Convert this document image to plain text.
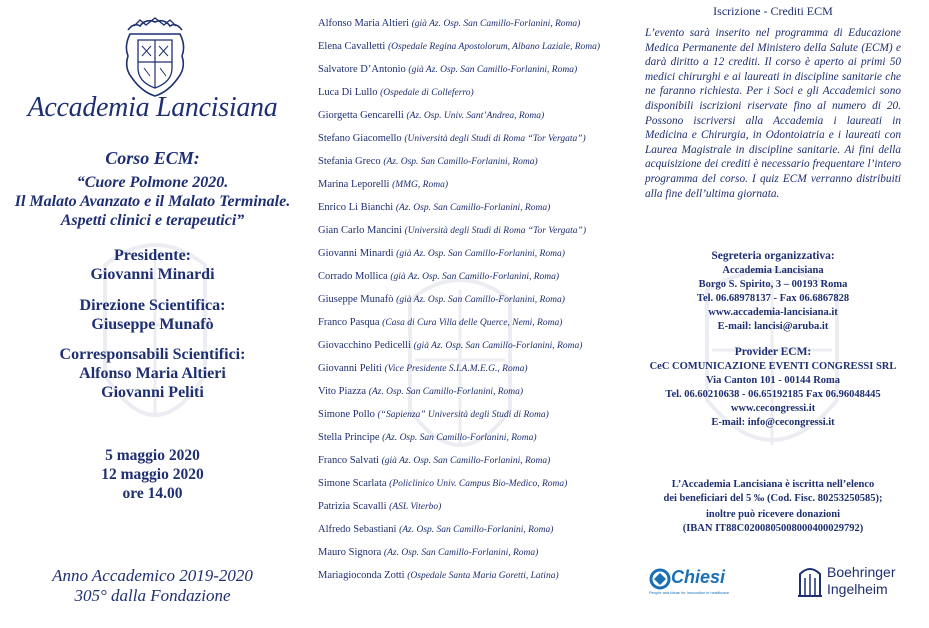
Accademia Lancisiana
Corso ECM:
“Cuore Polmone 2020.
Il Malato Avanzato e il Malato Terminale.
Aspetti clinici e terapeutici”
Presidente:
Giovanni Minardi
Direzione Scientifica:
Giuseppe Munafò
Corresponsabili Scientifici:
Alfonso Maria Altieri
Giovanni Peliti
5 maggio 2020
12 maggio 2020
ore 14.00
Anno Accademico 2019-2020
305° dalla Fondazione
Alfonso Maria Altieri (già Az. Osp. San Camillo-Forlanini, Roma)
Elena Cavalletti (Ospedale Regina Apostolorum, Albano Laziale, Roma)
Salvatore D’Antonio (già Az. Osp. San Camillo-Forlanini, Roma)
Luca Di Lullo (Ospedale di Colleferro)
Giorgetta Gencarelli (Az. Osp. Univ. Sant’Andrea, Roma)
Stefano Giacomello (Università degli Studi di Roma “Tor Vergata”)
Stefania Greco (Az. Osp. San Camillo-Forlanini, Roma)
Marina Leporelli (MMG, Roma)
Enrico Li Bianchi (Az. Osp. San Camillo-Forlanini, Roma)
Gian Carlo Mancini (Università degli Studi di Roma “Tor Vergata”)
Giovanni Minardi (già Az. Osp. San Camillo-Forlanini, Roma)
Corrado Mollica (già Az. Osp. San Camillo-Forlanini, Roma)
Giuseppe Munafò (già Az. Osp. San Camillo-Forlanini, Roma)
Franco Pasqua (Casa di Cura Villa delle Querce, Nemi, Roma)
Giovacchino Pedicelli (già Az. Osp. San Camillo-Forlanini, Roma)
Giovanni Peliti (Vice Presidente S.I.A.M.E.G., Roma)
Vito Piazza (Az. Osp. San Camillo-Forlanini, Roma)
Simone Pollo (“Sapienza” Università degli Studi di Roma)
Stella Principe (Az. Osp. San Camillo-Forlanini, Roma)
Franco Salvati (già Az. Osp. San Camillo-Forlanini, Roma)
Simone Scarlata (Policlinico Univ. Campus Bio-Medico, Roma)
Patrizia Scavalli (ASL Viterbo)
Alfredo Sebastiani (Az. Osp. San Camillo-Forlanini, Roma)
Mauro Signora (Az. Osp. San Camillo-Forlanini, Roma)
Mariagioconda Zotti (Ospedale Santa Maria Goretti, Latina)
Iscrizione - Crediti ECM
L’evento sarà inserito nel programma di Educazione Medica Permanente del Ministero della Salute (ECM) e darà diritto a 12 crediti. Il corso è aperto ai primi 50 medici chirurghi e ai laureati in discipline sanitarie che ne faranno richiesta. Per i Soci e gli Accademici sono disponibili iscrizioni riservate fino al numero di 20. Possono iscriversi alla Accademia i laureati in Medicina e Chirurgia, in Odontoiatria e i laureati con Laurea Magistrale in discipline sanitarie. Ai fini della acquisizione dei crediti è necessario frequentare l’intero programma del corso. I quiz ECM verranno distribuiti alla fine dell’ultima giornata.
Segreteria organizzativa:
Accademia Lancisiana
Borgo S. Spirito, 3 – 00193 Roma
Tel. 06.68978137 - Fax 06.6867828
www.accademia-lancisiana.it
E-mail: lancisi@aruba.it
Provider ECM:
CeC COMUNICAZIONE EVENTI CONGRESSI SRL
Via Canton 101 - 00144 Roma
Tel. 06.60210638 - 06.65192185 Fax 06.96048445
www.cecongressi.it
E-mail: info@cecongressi.it
L’Accademia Lancisiana è iscritta nell’elenco
dei beneficiari del 5 ‰ (Cod. Fisc. 80253250585);
inoltre può ricevere donazioni
(IBAN IT88C0200805008000400029792)
Chiesi
People and ideas for innovation in healthcare
Boehringer
Ingelheim
